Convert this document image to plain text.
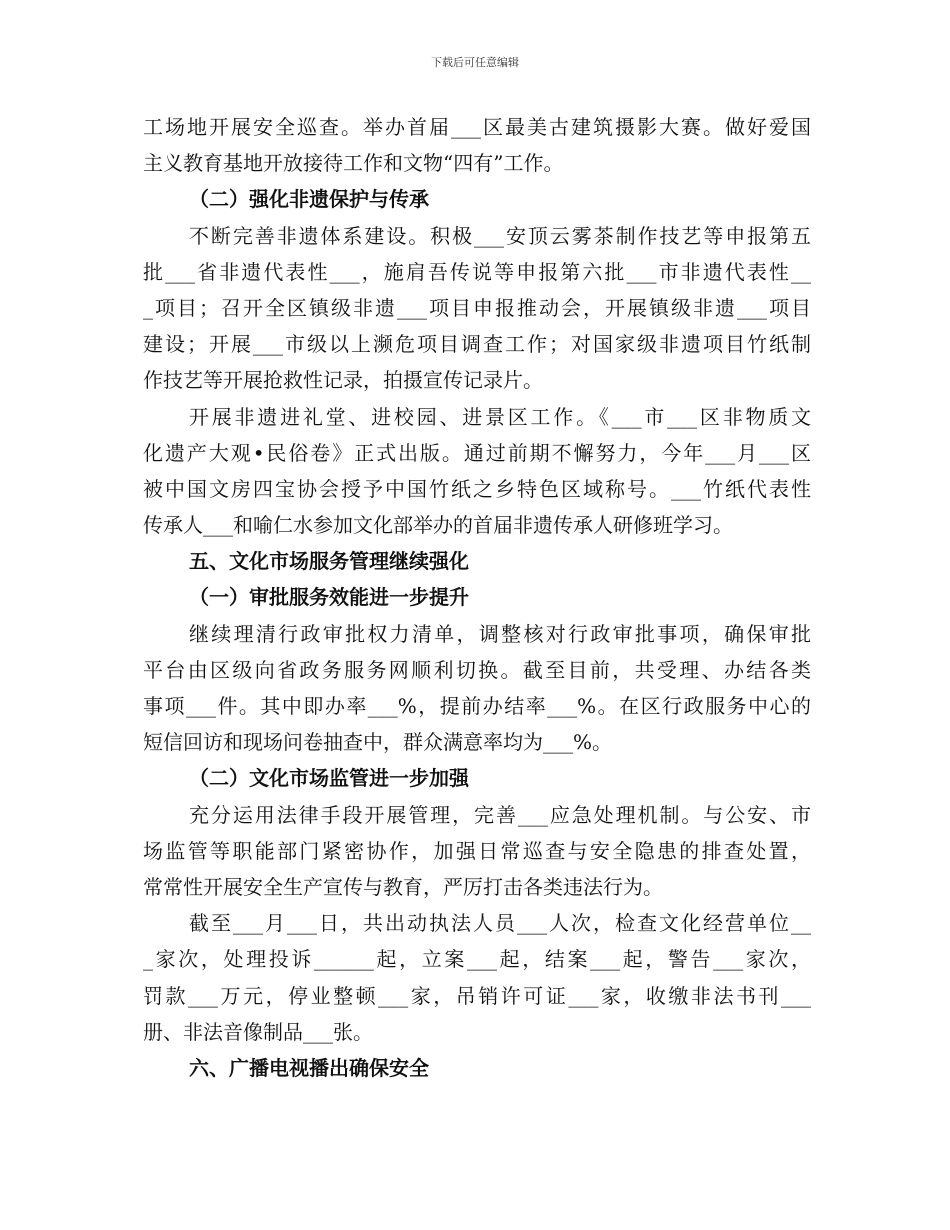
下载后可任意编辑
工场地开展安全巡查。举办首届___区最美古建筑摄影大赛。做好爱国
主义教育基地开放接待工作和文物“四有”工作。
（二）强化非遗保护与传承
不断完善非遗体系建设。积极___安顶云雾茶制作技艺等申报第五
批___省非遗代表性___，施肩吾传说等申报第六批___市非遗代表性__
_项目；召开全区镇级非遗___项目申报推动会，开展镇级非遗___项目
建设；开展___市级以上濒危项目调查工作；对国家级非遗项目竹纸制
作技艺等开展抢救性记录，拍摄宣传记录片。
开展非遗进礼堂、进校园、进景区工作。《___市___区非物质文
化遗产大观•民俗卷》正式出版。通过前期不懈努力，今年___月___区
被中国文房四宝协会授予中国竹纸之乡特色区域称号。___竹纸代表性
传承人___和喻仁水参加文化部举办的首届非遗传承人研修班学习。
五、文化市场服务管理继续强化
（一）审批服务效能进一步提升
继续理清行政审批权力清单，调整核对行政审批事项，确保审批
平台由区级向省政务服务网顺利切换。截至目前，共受理、办结各类
事项___件。其中即办率___%，提前办结率___%。在区行政服务中心的
短信回访和现场问卷抽查中，群众满意率均为___%。
（二）文化市场监管进一步加强
充分运用法律手段开展管理，完善___应急处理机制。与公安、市
场监管等职能部门紧密协作，加强日常巡查与安全隐患的排查处置，
常常性开展安全生产宣传与教育，严厉打击各类违法行为。
截至___月___日，共出动执法人员___人次，检查文化经营单位__
_家次，处理投诉______起，立案___起，结案___起，警告___家次，
罚款___万元，停业整顿___家，吊销许可证___家，收缴非法书刊___
册、非法音像制品___张。
六、广播电视播出确保安全
